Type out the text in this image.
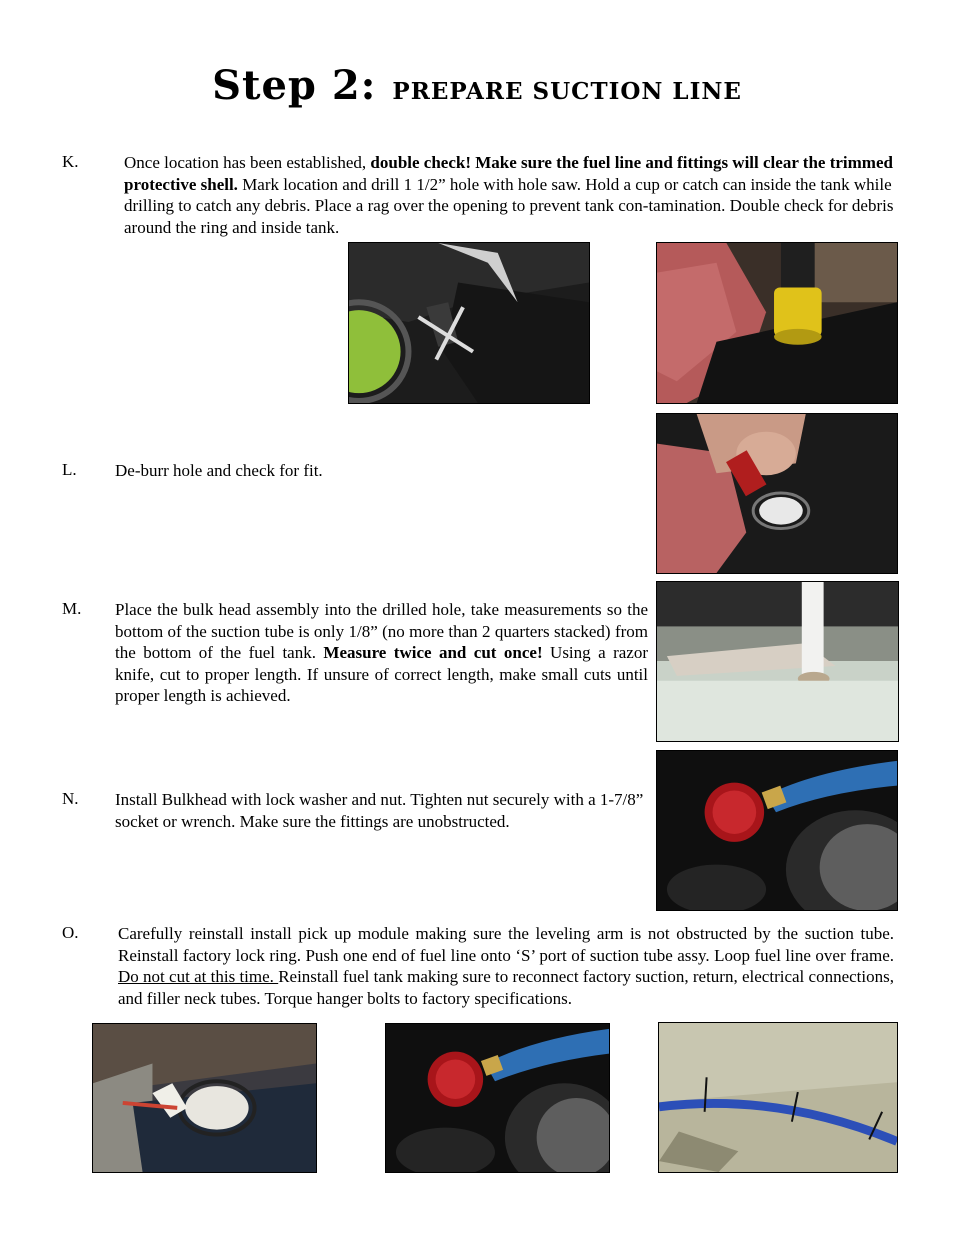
Step 2: PREPARE SUCTION LINE
K.	Once location has been established, double check! Make sure the fuel line and fittings will clear the trimmed protective shell. Mark location and drill 1 1/2” hole with hole saw. Hold a cup or catch can inside the tank while drilling to catch any debris. Place a rag over the opening to prevent tank con-tamination. Double check for debris around the ring and inside tank.
L. De-burr hole and check for fit.
M. Place the bulk head assembly into the drilled hole, take measurements so the bottom of the suction tube is only 1/8” (no more than 2 quarters stacked) from the bottom of the fuel tank. Measure twice and cut once! Using a razor knife, cut to proper length. If unsure of correct length, make small cuts until proper length is achieved.
N. Install Bulkhead with lock washer and nut. Tighten nut securely with a 1-7/8” socket or wrench. Make sure the fittings are unobstructed.
O. Carefully reinstall install pick up module making sure the leveling arm is not obstructed by the suction tube. Reinstall factory lock ring. Push one end of fuel line onto ‘S’ port of suction tube assy. Loop fuel line over frame. Do not cut at this time. Reinstall fuel tank making sure to reconnect factory suction, return, electrical connections, and filler neck tubes. Torque hanger bolts to factory specifications.
